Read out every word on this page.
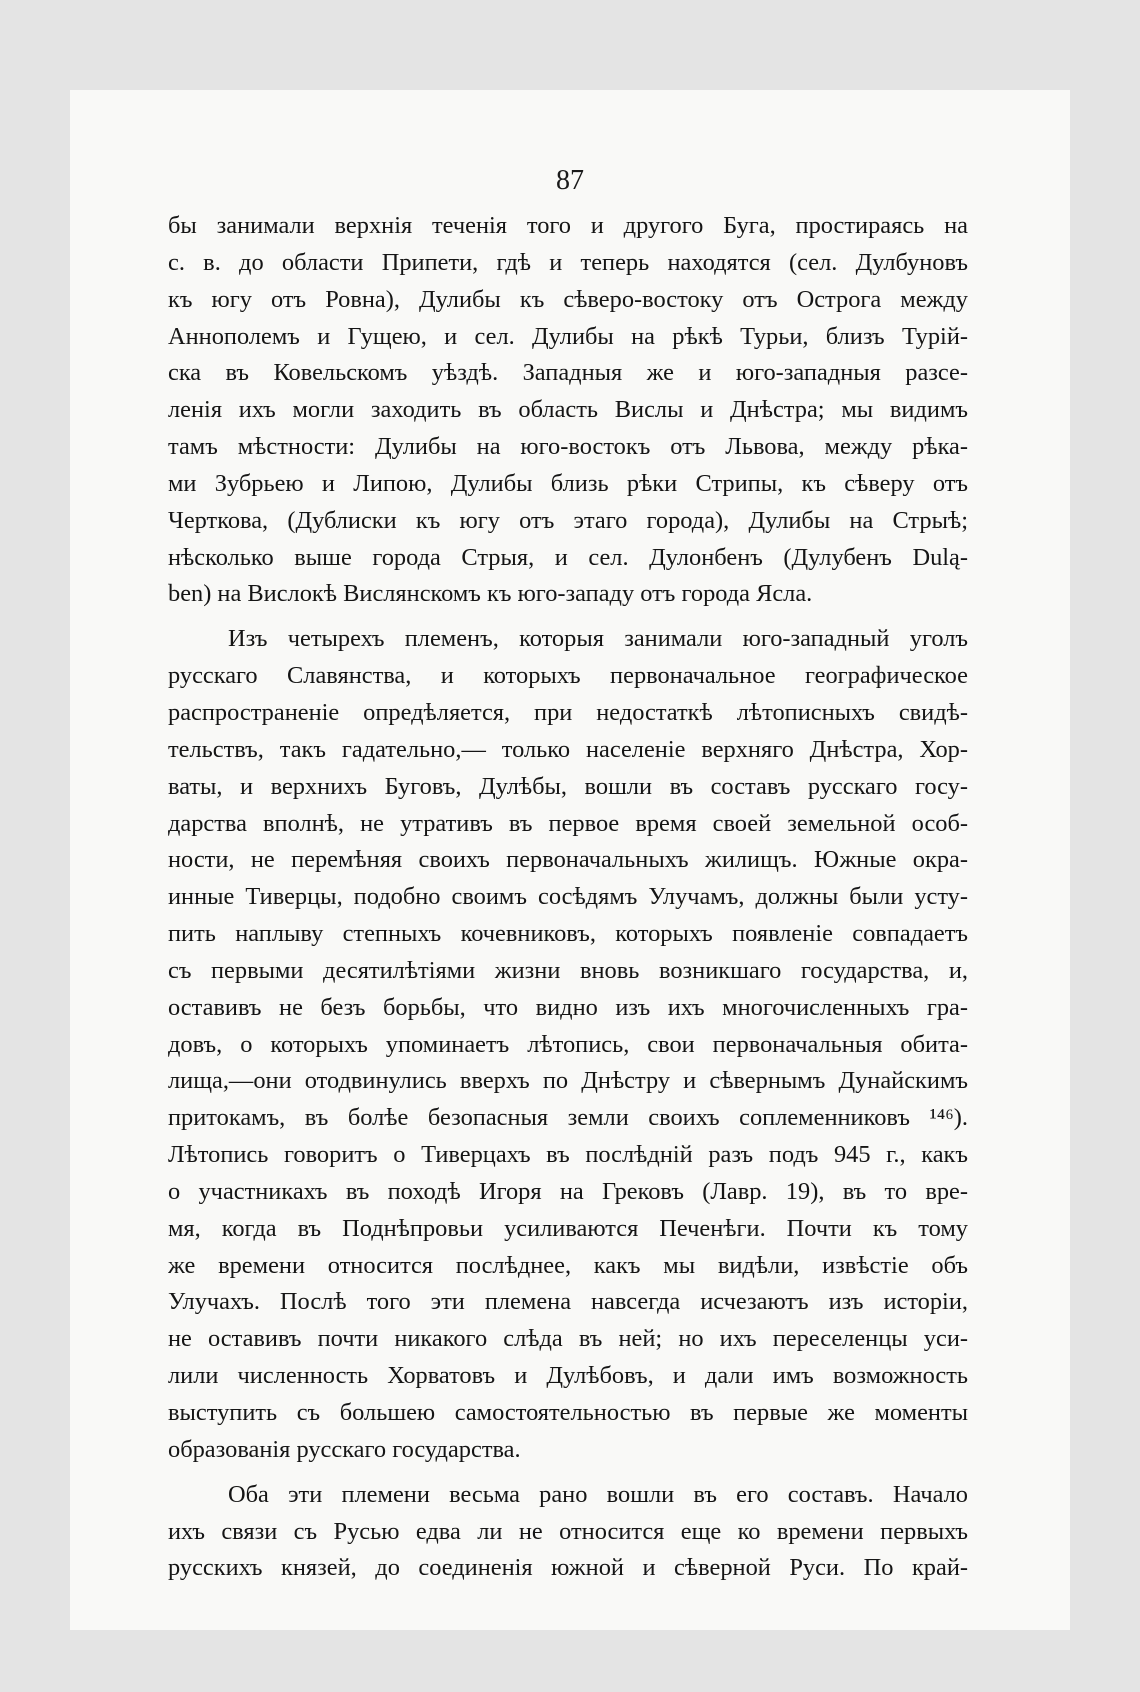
87
бы занимали верхнія теченія того и другого Буга, простираясь на
с. в. до области Припети, гдѣ и теперь находятся (сел. Дулбуновъ
къ югу отъ Ровна), Дулибы къ сѣверо-востоку отъ Острога между
Аннополемъ и Гущею, и сел. Дулибы на рѣкѣ Турьи, близъ Турій-
ска въ Ковельскомъ уѣздѣ. Западныя же и юго-западныя разсе-
ленія ихъ могли заходить въ область Вислы и Днѣстра; мы видимъ
тамъ мѣстности: Дулибы на юго-востокъ отъ Львова, между рѣка-
ми Зубрьею и Липою, Дулибы близь рѣки Стрипы, къ сѣверу отъ
Черткова, (Дублиски къ югу отъ этаго города), Дулибы на Стрыѣ;
нѣсколько выше города Стрыя, и сел. Дулонбенъ (Дулубенъ Dulą-
ben) на Вислокѣ Вислянскомъ къ юго-западу отъ города Ясла.
Изъ четырехъ племенъ, которыя занимали юго-западный уголъ
русскаго Славянства, и которыхъ первоначальное географическое
распространеніе опредѣляется, при недостаткѣ лѣтописныхъ свидѣ-
тельствъ, такъ гадательно,— только населеніе верхняго Днѣстра, Хор-
ваты, и верхнихъ Буговъ, Дулѣбы, вошли въ составъ русскаго госу-
дарства вполнѣ, не утративъ въ первое время своей земельной особ-
ности, не перемѣняя своихъ первоначальныхъ жилищъ. Южные окра-
инные Тиверцы, подобно своимъ сосѣдямъ Улучамъ, должны были усту-
пить наплыву степныхъ кочевниковъ, которыхъ появленіе совпадаетъ
съ первыми десятилѣтіями жизни вновь возникшаго государства, и,
оставивъ не безъ борьбы, что видно изъ ихъ многочисленныхъ гра-
довъ, о которыхъ упоминаетъ лѣтопись, свои первоначальныя обита-
лища,—они отодвинулись вверхъ по Днѣстру и сѣвернымъ Дунайскимъ
притокамъ, въ болѣе безопасныя земли своихъ соплеменниковъ ¹⁴⁶).
Лѣтопись говоритъ о Тиверцахъ въ послѣдній разъ подъ 945 г., какъ
о участникахъ въ походѣ Игоря на Грековъ (Лавр. 19), въ то вре-
мя, когда въ Поднѣпровьи усиливаются Печенѣги. Почти къ тому
же времени относится послѣднее, какъ мы видѣли, извѣстіе объ
Улучахъ. Послѣ того эти племена навсегда исчезаютъ изъ исторіи,
не оставивъ почти никакого слѣда въ ней; но ихъ переселенцы уси-
лили численность Хорватовъ и Дулѣбовъ, и дали имъ возможность
выступить съ большею самостоятельностью въ первые же моменты
образованія русскаго государства.
Оба эти племени весьма рано вошли въ его составъ. Начало
ихъ связи съ Русью едва ли не относится еще ко времени первыхъ
русскихъ князей, до соединенія южной и сѣверной Руси. По край-
